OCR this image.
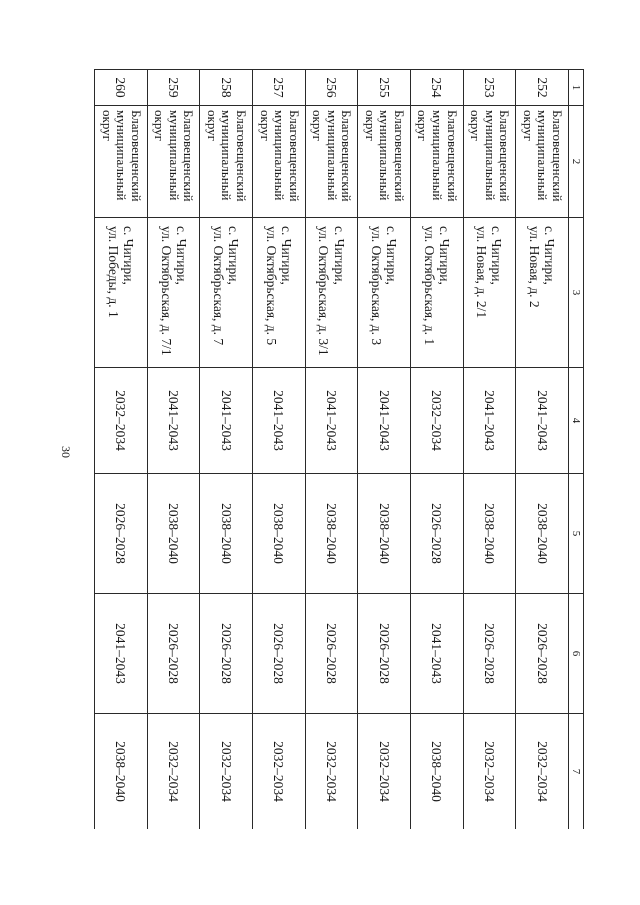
30
1	2	3	4	5	6	7
252	Благовещенский муниципальный округ	с. Чигири,
ул. Новая, д. 2	2041–2043	2038–2040	2026–2028	2032–2034
253	Благовещенский муниципальный округ	с. Чигири,
ул. Новая, д. 2/1	2041–2043	2038–2040	2026–2028	2032–2034
254	Благовещенский муниципальный округ	с. Чигири,
ул. Октябрьская, д. 1	2032–2034	2026–2028	2041–2043	2038–2040
255	Благовещенский муниципальный округ	с. Чигири,
ул. Октябрьская, д. 3	2041–2043	2038–2040	2026–2028	2032–2034
256	Благовещенский муниципальный округ	с. Чигири,
ул. Октябрьская, д. 3/1	2041–2043	2038–2040	2026–2028	2032–2034
257	Благовещенский муниципальный округ	с. Чигири,
ул. Октябрьская, д. 5	2041–2043	2038–2040	2026–2028	2032–2034
258	Благовещенский муниципальный округ	с. Чигири,
ул. Октябрьская, д. 7	2041–2043	2038–2040	2026–2028	2032–2034
259	Благовещенский муниципальный округ	с. Чигири,
ул. Октябрьская, д. 7/1	2041–2043	2038–2040	2026–2028	2032–2034
260	Благовещенский муниципальный округ	с. Чигири,
ул. Победы, д. 1	2032–2034	2026–2028	2041–2043	2038–2040
